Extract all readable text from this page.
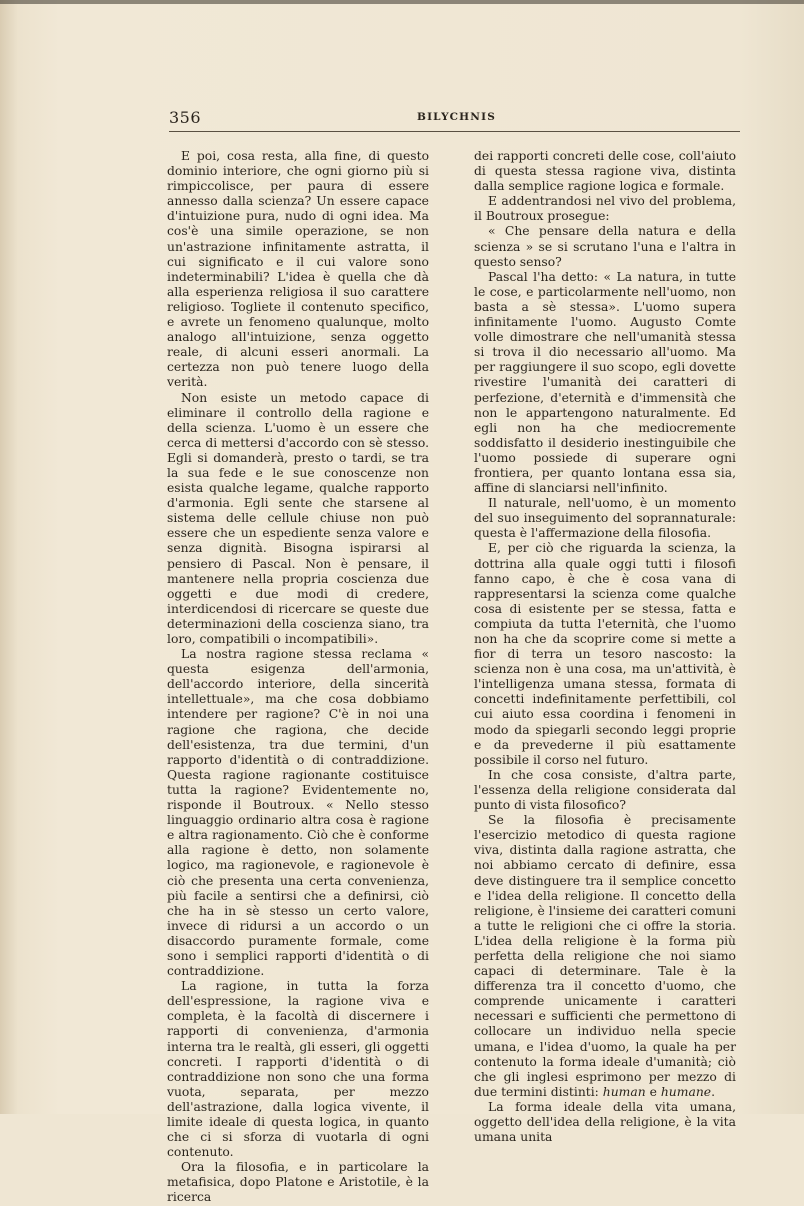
356	BILYCHNIS

E poi, cosa resta, alla fine, di questo dominio interiore, che ogni giorno più si rimpiccolisce, per paura di essere annesso dalla scienza? Un essere capace d'intuizione pura, nudo di ogni idea. Ma cos'è una simile operazione, se non un'astrazione infinitamente astratta, il cui significato e il cui valore sono indeterminabili? L'idea è quella che dà alla esperienza religiosa il suo carattere religioso. Togliete il contenuto specifico, e avrete un fenomeno qualunque, molto analogo all'intuizione, senza oggetto reale, di alcuni esseri anormali. La certezza non può tenere luogo della verità.

Non esiste un metodo capace di eliminare il controllo della ragione e della scienza. L'uomo è un essere che cerca di mettersi d'accordo con sè stesso. Egli si domanderà, presto o tardi, se tra la sua fede e le sue conoscenze non esista qualche legame, qualche rapporto d'armonia. Egli sente che starsene al sistema delle cellule chiuse non può essere che un espediente senza valore e senza dignità. Bisogna ispirarsi al pensiero di Pascal. Non è pensare, il mantenere nella propria coscienza due oggetti e due modi di credere, interdicendosi di ricercare se queste due determinazioni della coscienza siano, tra loro, compatibili o incompatibili».

La nostra ragione stessa reclama « questa esigenza dell'armonia, dell'accordo interiore, della sincerità intellettuale», ma che cosa dobbiamo intendere per ragione? C'è in noi una ragione che ragiona, che decide dell'esistenza, tra due termini, d'un rapporto d'identità o di contraddizione. Questa ragione ragionante costituisce tutta la ragione? Evidentemente no, risponde il Boutroux. « Nello stesso linguaggio ordinario altra cosa è ragione e altra ragionamento. Ciò che è conforme alla ragione è detto, non solamente logico, ma ragionevole, e ragionevole è ciò che presenta una certa convenienza, più facile a sentirsi che a definirsi, ciò che ha in sè stesso un certo valore, invece di ridursi a un accordo o un disaccordo puramente formale, come sono i semplici rapporti d'identità o di contraddizione.

La ragione, in tutta la forza dell'espressione, la ragione viva e completa, è la facoltà di discernere i rapporti di convenienza, d'armonia interna tra le realtà, gli esseri, gli oggetti concreti. I rapporti d'identità o di contraddizione non sono che una forma vuota, separata, per mezzo dell'astrazione, dalla logica vivente, il limite ideale di questa logica, in quanto che ci si sforza di vuotarla di ogni contenuto.

Ora la filosofia, e in particolare la metafisica, dopo Platone e Aristotile, è la ricerca

dei rapporti concreti delle cose, coll'aiuto di questa stessa ragione viva, distinta dalla semplice ragione logica e formale.

E addentrandosi nel vivo del problema, il Boutroux prosegue:

« Che pensare della natura e della scienza » se si scrutano l'una e l'altra in questo senso?

Pascal l'ha detto: « La natura, in tutte le cose, e particolarmente nell'uomo, non basta a sè stessa». L'uomo supera infinitamente l'uomo. Augusto Comte volle dimostrare che nell'umanità stessa si trova il dio necessario all'uomo. Ma per raggiungere il suo scopo, egli dovette rivestire l'umanità dei caratteri di perfezione, d'eternità e d'immensità che non le appartengono naturalmente. Ed egli non ha che mediocremente soddisfatto il desiderio inestinguibile che l'uomo possiede di superare ogni frontiera, per quanto lontana essa sia, affine di slanciarsi nell'infinito.

Il naturale, nell'uomo, è un momento del suo inseguimento del soprannaturale: questa è l'affermazione della filosofia.

E, per ciò che riguarda la scienza, la dottrina alla quale oggi tutti i filosofi fanno capo, è che è cosa vana di rappresentarsi la scienza come qualche cosa di esistente per se stessa, fatta e compiuta da tutta l'eternità, che l'uomo non ha che da scoprire come si mette a fior di terra un tesoro nascosto: la scienza non è una cosa, ma un'attività, è l'intelligenza umana stessa, formata di concetti indefinitamente perfettibili, col cui aiuto essa coordina i fenomeni in modo da spiegarli secondo leggi proprie e da prevederne il più esattamente possibile il corso nel futuro.

In che cosa consiste, d'altra parte, l'essenza della religione considerata dal punto di vista filosofico?

Se la filosofia è precisamente l'esercizio metodico di questa ragione viva, distinta dalla ragione astratta, che noi abbiamo cercato di definire, essa deve distinguere tra il semplice concetto e l'idea della religione. Il concetto della religione, è l'insieme dei caratteri comuni a tutte le religioni che ci offre la storia. L'idea della religione è la forma più perfetta della religione che noi siamo capaci di determinare. Tale è la differenza tra il concetto d'uomo, che comprende unicamente i caratteri necessari e sufficienti che permettono di collocare un individuo nella specie umana, e l'idea d'uomo, la quale ha per contenuto la forma ideale d'umanità; ciò che gli inglesi esprimono per mezzo di due termini distinti: human e humane.

La forma ideale della vita umana, oggetto dell'idea della religione, è la vita umana unita
